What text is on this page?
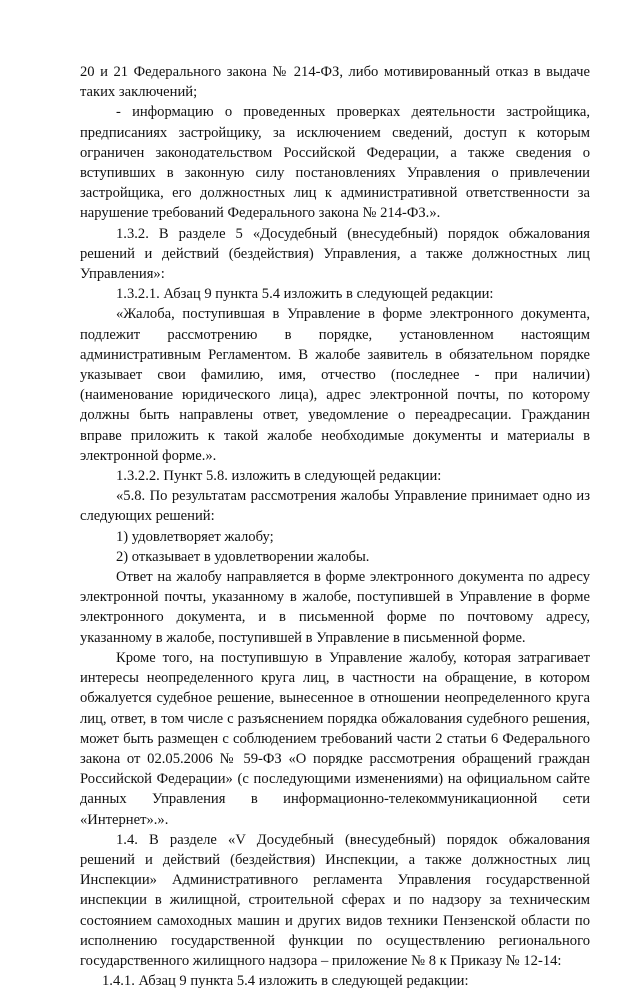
20 и 21 Федерального закона № 214-ФЗ, либо мотивированный отказ в выдаче таких заключений;

- информацию о проведенных проверках деятельности застройщика, предписаниях застройщику, за исключением сведений, доступ к которым ограничен законодательством Российской Федерации, а также сведения о вступивших в законную силу постановлениях Управления о привлечении застройщика, его должностных лиц к административной ответственности за нарушение требований Федерального закона № 214-ФЗ.».

1.3.2. В разделе 5 «Досудебный (внесудебный) порядок обжалования решений и действий (бездействия) Управления, а также должностных лиц Управления»:

1.3.2.1. Абзац 9 пункта 5.4 изложить в следующей редакции:

«Жалоба, поступившая в Управление в форме электронного документа, подлежит рассмотрению в порядке, установленном настоящим административным Регламентом. В жалобе заявитель в обязательном порядке указывает свои фамилию, имя, отчество (последнее - при наличии) (наименование юридического лица), адрес электронной почты, по которому должны быть направлены ответ, уведомление о переадресации. Гражданин вправе приложить к такой жалобе необходимые документы и материалы в электронной форме.».

1.3.2.2. Пункт 5.8. изложить в следующей редакции:

«5.8. По результатам рассмотрения жалобы Управление принимает одно из следующих решений:

1) удовлетворяет жалобу;

2) отказывает в удовлетворении жалобы.

Ответ на жалобу направляется в форме электронного документа по адресу электронной почты, указанному в жалобе, поступившей в Управление в форме электронного документа, и в письменной форме по почтовому адресу, указанному в жалобе, поступившей в Управление в письменной форме.

Кроме того, на поступившую в Управление жалобу, которая затрагивает интересы неопределенного круга лиц, в частности на обращение, в котором обжалуется судебное решение, вынесенное в отношении неопределенного круга лиц, ответ, в том числе с разъяснением порядка обжалования судебного решения, может быть размещен с соблюдением требований части 2 статьи 6 Федерального закона от 02.05.2006 № 59-ФЗ «О порядке рассмотрения обращений граждан Российской Федерации» (с последующими изменениями) на официальном сайте данных Управления в информационно-телекоммуникационной сети «Интернет».».

1.4. В разделе «V Досудебный (внесудебный) порядок обжалования решений и действий (бездействия) Инспекции, а также должностных лиц Инспекции» Административного регламента Управления государственной инспекции в жилищной, строительной сферах и по надзору за техническим состоянием самоходных машин и других видов техники Пензенской области по исполнению государственной функции по осуществлению регионального государственного жилищного надзора – приложение № 8 к Приказу № 12-14:

1.4.1. Абзац 9 пункта 5.4 изложить в следующей редакции:
